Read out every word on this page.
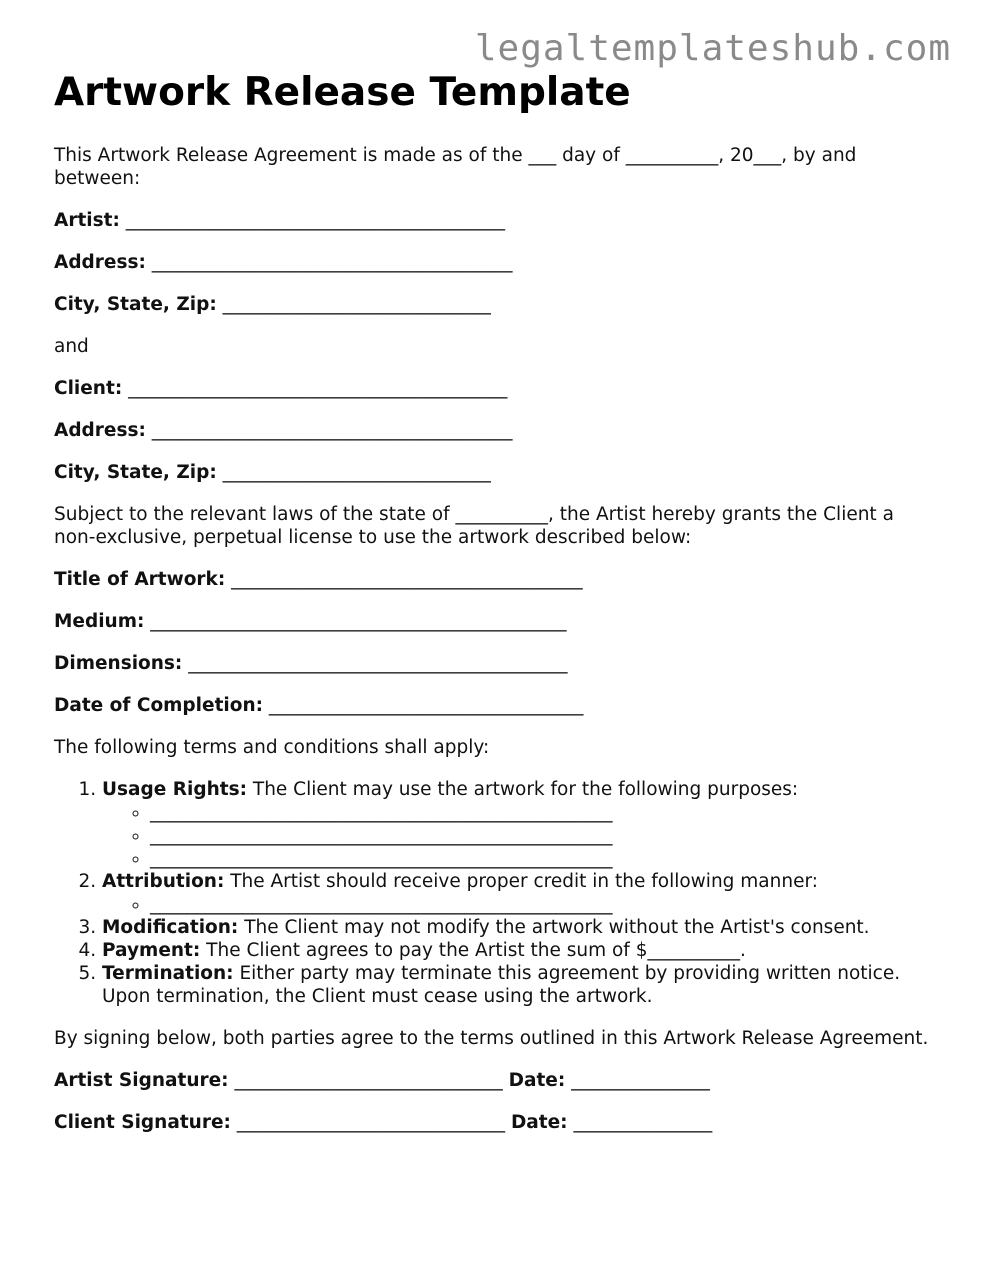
legaltemplateshub.com
Artwork Release Template

This Artwork Release Agreement is made as of the ___ day of __________, 20___, by and between:

Artist: _________________________________________
Address: _______________________________________
City, State, Zip: _____________________________

and

Client: _________________________________________
Address: _______________________________________
City, State, Zip: _____________________________

Subject to the relevant laws of the state of __________, the Artist hereby grants the Client a non-exclusive, perpetual license to use the artwork described below:

Title of Artwork: ______________________________________
Medium: _____________________________________________
Dimensions: _________________________________________
Date of Completion: __________________________________

The following terms and conditions shall apply:

1. Usage Rights: The Client may use the artwork for the following purposes:
◦ __________________________________________________
◦ __________________________________________________
◦ __________________________________________________
2. Attribution: The Artist should receive proper credit in the following manner:
◦ __________________________________________________
3. Modification: The Client may not modify the artwork without the Artist's consent.
4. Payment: The Client agrees to pay the Artist the sum of $__________.
5. Termination: Either party may terminate this agreement by providing written notice. Upon termination, the Client must cease using the artwork.

By signing below, both parties agree to the terms outlined in this Artwork Release Agreement.

Artist Signature: _____________________________ Date: _______________
Client Signature: _____________________________ Date: _______________
